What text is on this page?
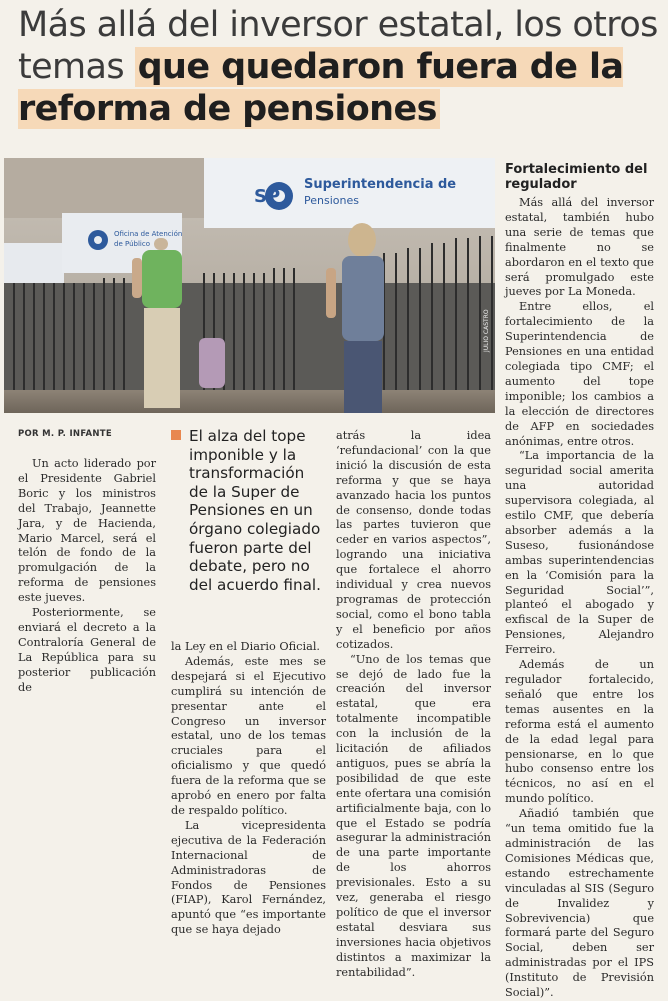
Más allá del inversor estatal, los otros temas que quedaron fuera de la reforma de pensiones
Superintendencia de
Pensiones
SP
Oficina de Atención
de Público
JULIO CASTRO
POR M. P. INFANTE

Un acto liderado por el Presidente Gabriel Boric y los ministros del Trabajo, Jeannette Jara, y de Hacienda, Mario Marcel, será el telón de fondo de la promulgación de la reforma de pensiones este jueves.

Posteriormente, se enviará el decreto a la Contraloría General de La República para su posterior publicación de

El alza del tope imponible y la transformación de la Super de Pensiones en un órgano colegiado fueron parte del debate, pero no del acuerdo final.

la Ley en el Diario Oficial.

Además, este mes se despejará si el Ejecutivo cumplirá su intención de presentar ante el Congreso un inversor estatal, uno de los temas cruciales para el oficialismo y que quedó fuera de la reforma que se aprobó en enero por falta de respaldo político.

La vicepresidenta ejecutiva de la Federación Internacional de Administradoras de Fondos de Pensiones (FIAP), Karol Fernández, apuntó que “es importante que se haya dejado

atrás la idea ‘refundacional’ con la que inició la discusión de esta reforma y que se haya avanzado hacia los puntos de consenso, donde todas las partes tuvieron que ceder en varios aspectos”, logrando una iniciativa que fortalece el ahorro individual y crea nuevos programas de protección social, como el bono tabla y el beneficio por años cotizados.

“Uno de los temas que se dejó de lado fue la creación del inversor estatal, que era totalmente incompatible con la inclusión de la licitación de afiliados antiguos, pues se abría la posibilidad de que este ente ofertara una comisión artificialmente baja, con lo que el Estado se podría asegurar la administración de una parte importante de los ahorros previsionales. Esto a su vez, generaba el riesgo político de que el inversor estatal desviara sus inversiones hacia objetivos distintos a maximizar la rentabilidad”.

Fortalecimiento del regulador

Más allá del inversor estatal, también hubo una serie de temas que finalmente no se abordaron en el texto que será promulgado este jueves por La Moneda.

Entre ellos, el fortalecimiento de la Superintendencia de Pensiones en una entidad colegiada tipo CMF; el aumento del tope imponible; los cambios a la elección de directores de AFP en sociedades anónimas, entre otros.

“La importancia de la seguridad social amerita una autoridad supervisora colegiada, al estilo CMF, que debería absorber además a la Suseso, fusionándose ambas superintendencias en la ‘Comisión para la Seguridad Social’”, planteó el abogado y exfiscal de la Super de Pensiones, Alejandro Ferreiro.

Además de un regulador fortalecido, señaló que entre los temas ausentes en la reforma está el aumento de la edad legal para pensionarse, en lo que hubo consenso entre los técnicos, no así en el mundo político.

Añadió también que “un tema omitido fue la administración de las Comisiones Médicas que, estando estrechamente vinculadas al SIS (Seguro de Invalidez y Sobrevivencia) que formará parte del Seguro Social, deben ser administradas por el IPS (Instituto de Previsión Social)”.
